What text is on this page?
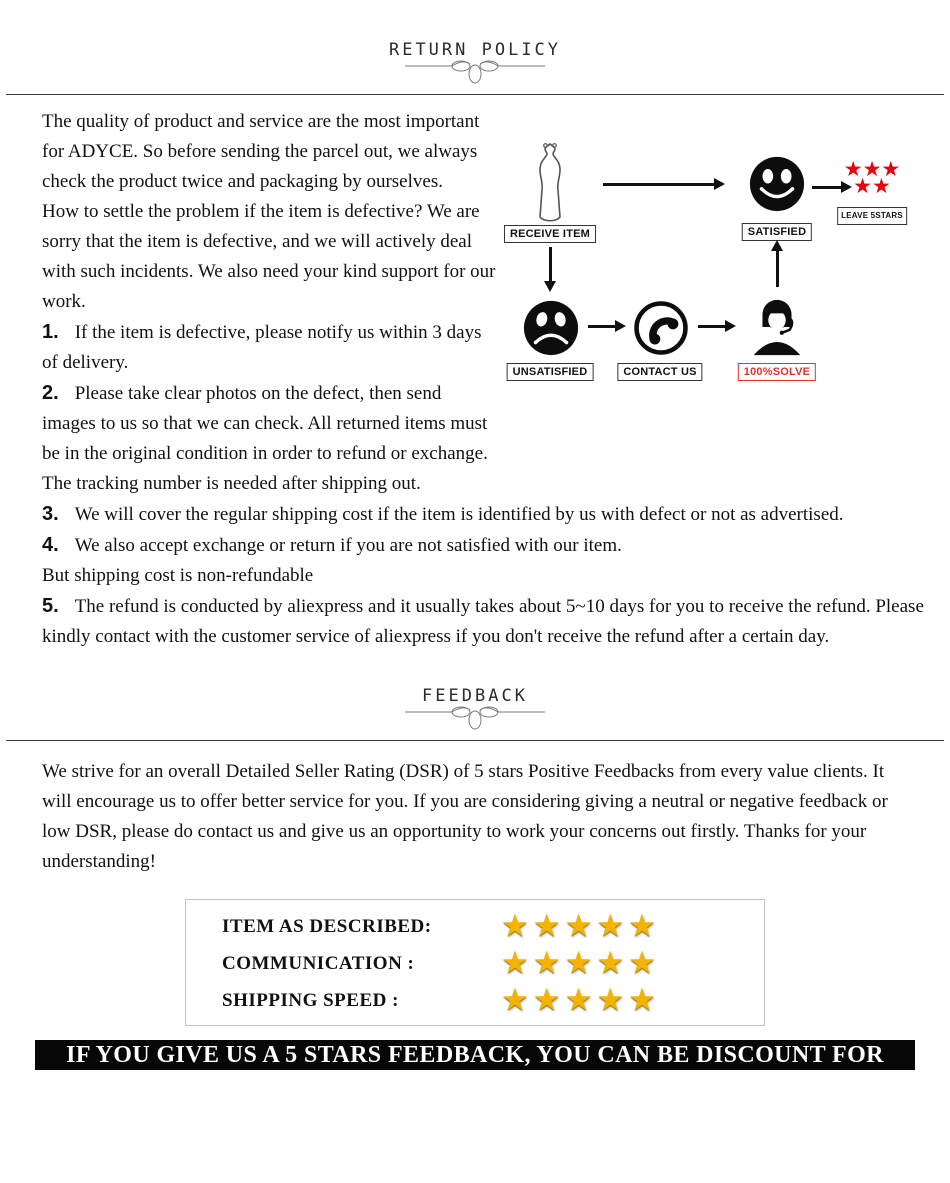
RETURN POLICY
RECEIVE ITEM	SATISFIED
★★★
★★
LEAVE 5STARS
UNSATISFIED	CONTACT US	100%SOLVE

The quality of product and service are the most important for ADYCE. So before sending the parcel out, we always check the product twice and packaging by ourselves.

How to settle the problem if the item is defective? We are sorry that the item is defective, and we will actively deal with such incidents. We also need your kind support for our work.

1. If the item is defective, please notify us within 3 days of delivery.

2. Please take clear photos on the defect, then send images to us so that we can check. All returned items must be in the original condition in order to refund or exchange. The tracking number is needed after shipping out.

3. We will cover the regular shipping cost if the item is identified by us with defect or not as advertised.

4. We also accept exchange or return if you are not satisfied with our item.
But shipping cost is non-refundable

5. The refund is conducted by aliexpress and it usually takes about 5~10 days for you to receive the refund. Please kindly contact with the customer service of aliexpress if you don't receive the refund after a certain day.

FEEDBACK

We strive for an overall Detailed Seller Rating (DSR) of 5 stars Positive Feedbacks from every value clients. It will encourage us to offer better service for you. If you are considering giving a neutral or negative feedback or low DSR, please do contact us and give us an opportunity to work your concerns out firstly. Thanks for your understanding!

ITEM AS DESCRIBED:	★★★★★
COMMUNICATION :	★★★★★
SHIPPING SPEED :	★★★★★
IF YOU GIVE US A 5 STARS FEEDBACK, YOU CAN BE DISCOUNT FOR YOUR NEXT ORDER
